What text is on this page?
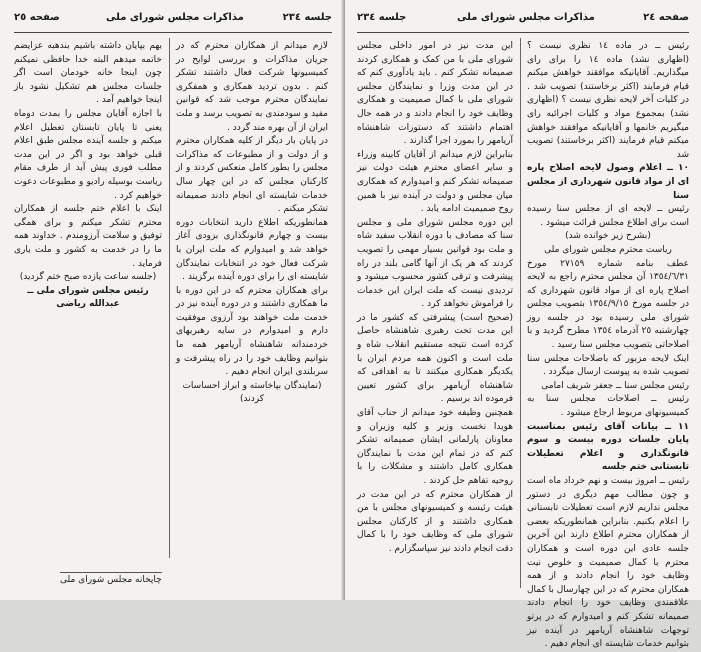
صفحه ٢٥	مذاکرات مجلس شورای ملی	جلسه ٢٣٤

بهم بپایان داشته باشیم بندهبه عزایضم خاتمه میدهم البته خدا حافظی نمیکنم چون اینجا خانه خودمان است اگر جلسات مجلس هم تشکیل نشود باز اینجا خواهیم آمد .

با اجازه آقایان مجلس را بمدت دوماه یعنی تا پایان تابستان تعطیل اعلام میکنم و جلسه آینده مجلس طبق اعلام قبلی خواهد بود و اگر در این مدت مطلب فوری پیش آید از طرف مقام ریاست بوسیله رادیو و مطبوعات دعوت خواهیم کرد .

اینک با اعلام ختم جلسه از همکاران محترم تشکر میکنم و برای همگی توفیق و سلامت آرزومندم . خداوند همه ما را در خدمت به کشور و ملت یاری فرماید .

(جلسه ساعت یازده صبح ختم گردید)

رئیس مجلس شورای ملی ــ عبدالله ریاضی

لازم میدانم از همکاران محترم که در جریان مذاکرات و بررسی لوایح در کمیسیونها شرکت فعال داشتند تشکر کنم . بدون تردید همکاری و همفکری نمایندگان محترم موجب شد که قوانین مفید و سودمندی به تصویب برسد و ملت ایران از آن بهره مند گردد .

در پایان بار دیگر از کلیه همکاران محترم و از دولت و از مطبوعات که مذاکرات مجلس را بطور کامل منعکس کردند و از کارکنان مجلس که در این چهار سال خدمات شایسته ای انجام دادند صمیمانه تشکر میکنم .

همانطوریکه اطلاع دارید انتخابات دوره بیست و چهارم قانونگذاری بزودی آغاز خواهد شد و امیدوارم که ملت ایران با شرکت فعال خود در انتخابات نمایندگان شایسته ای را برای دوره آینده برگزیند .

برای همکاران محترم که در این دوره با ما همکاری داشتند و در دوره آینده نیز در خدمت ملت خواهند بود آرزوی موفقیت دارم و امیدوارم در سایه رهبریهای خردمندانه شاهنشاه آریامهر همه ما بتوانیم وظایف خود را در راه پیشرفت و سربلندی ایران انجام دهیم .

(نمایندگان بپاخاسته و ابراز احساسات کردند)

چاپخانه مجلس شورای ملی
جلسه ٢٣٤	مذاکرات مجلس شورای ملی	صفحه ٢٤

این مدت نیز در امور داخلی مجلس شورای ملی با من کمک و همکاری کردند صمیمانه تشکر کنم . باید یادآوری کنم که در این مدت وزرا و نمایندگان مجلس شورای ملی با کمال صمیمیت و همکاری وظایف خود را انجام دادند و در همه حال اهتمام داشتند که دستورات شاهنشاه آریامهر را بمورد اجرا گذارند .

بنابراین لازم میدانم از آقایان کابینه وزراء و سایر اعضای محترم هیئت دولت نیز صمیمانه تشکر کنم و امیدوارم که همکاری میان مجلس و دولت در آینده نیز با همین روح صمیمیت ادامه یابد .

این دوره مجلس شورای ملی و مجلس سنا که مصادف با دوره انقلاب سفید شاه و ملت بود قوانین بسیار مهمی را تصویب کردند که هر یک از آنها گامی بلند در راه پیشرفت و ترقی کشور محسوب میشود و تردیدی نیست که ملت ایران این خدمات را فراموش نخواهد کرد .

(صحیح است) پیشرفتی که کشور ما در این مدت تحت رهبری شاهنشاه حاصل کرده است نتیجه مستقیم انقلاب شاه و ملت است و اکنون همه مردم ایران با یکدیگر همکاری میکنند تا به اهدافی که شاهنشاه آریامهر برای کشور تعیین فرموده اند برسیم .

همچنین وظیفه خود میدانم از جناب آقای هویدا نخست وزیر و کلیه وزیران و معاونان پارلمانی ایشان صمیمانه تشکر کنم که در تمام این مدت با نمایندگان همکاری کامل داشتند و مشکلات را با روحیه تفاهم حل کردند .

از همکاران محترم که در این مدت در هیئت رئیسه و کمیسیونهای مجلس با من همکاری داشتند و از کارکنان مجلس شورای ملی که وظایف خود را با کمال دقت انجام دادند نیز سپاسگزارم .

رئیس ــ در ماده ١٤ نظری نیست ؟ (اظهاری نشد) ماده ١٤ را برای رای میگذاریم. آقایانیکه موافقند خواهش میکنم قیام فرمایند (اکثر برخاستند) تصویب شد . در کلیات آخر لایحه نظری نیست ؟ (اظهاری نشد) بمجموع مواد و کلیات اجرائیه رای میگیریم خانمها و آقایانیکه موافقند خواهش میکنم قیام فرمایند (اکثر برخاستند) تصویب شد

١٠ ــ اعلام وصول لایحه اصلاح پاره ای از مواد قانون شهرداری از مجلس سنا

رئیس ــ لایحه ای از مجلس سنا رسیده است برای اطلاع مجلس قرائت میشود .

(بشرح زیر خوانده شد)

ریاست محترم مجلس شورای ملی

عطف بنامه شماره ٢٧١٥٩ مورخ ١٣٥٤/٦/٣١ آن مجلس محترم راجع به لایحه اصلاح پاره ای از مواد قانون شهرداری که در جلسه مورخ ١٣٥٤/٩/١٥ بتصویب مجلس شورای ملی رسیده بود در جلسه روز چهارشنبه ٢٥ آذرماه ١٣٥٤ مطرح گردید و با اصلاحاتی بتصویب مجلس سنا رسید .

اینک لایحه مزبور که باصلاحات مجلس سنا تصویب شده به پیوست ارسال میگردد .

رئیس مجلس سنا ــ جعفر شریف امامی

رئیس ــ اصلاحات مجلس سنا به کمیسیونهای مربوط ارجاع میشود .

١١ ــ بیانات آقای رئیس بمناسبت پایان جلسات دوره بیست و سوم قانونگذاری و اعلام تعطیلات تابستانی ختم جلسه

رئیس ــ امروز بیست و نهم خرداد ماه است و چون مطالب مهم دیگری در دستور مجلس نداریم لازم است تعطیلات تابستانی را اعلام بکنیم. بنابراین همانطوریکه بعضی از همکاران محترم اطلاع دارند این آخرین جلسه عادی این دوره است و همکاران محترم با کمال صمیمیت و خلوص نیت وظایف خود را انجام دادند و از همه همکاران محترم که در این چهارسال با کمال علاقمندی وظایف خود را انجام دادند صمیمانه تشکر کنم و امیدوارم که در پرتو توجهات شاهنشاه آریامهر در آینده نیز بتوانیم خدمات شایسته ای انجام دهیم .
